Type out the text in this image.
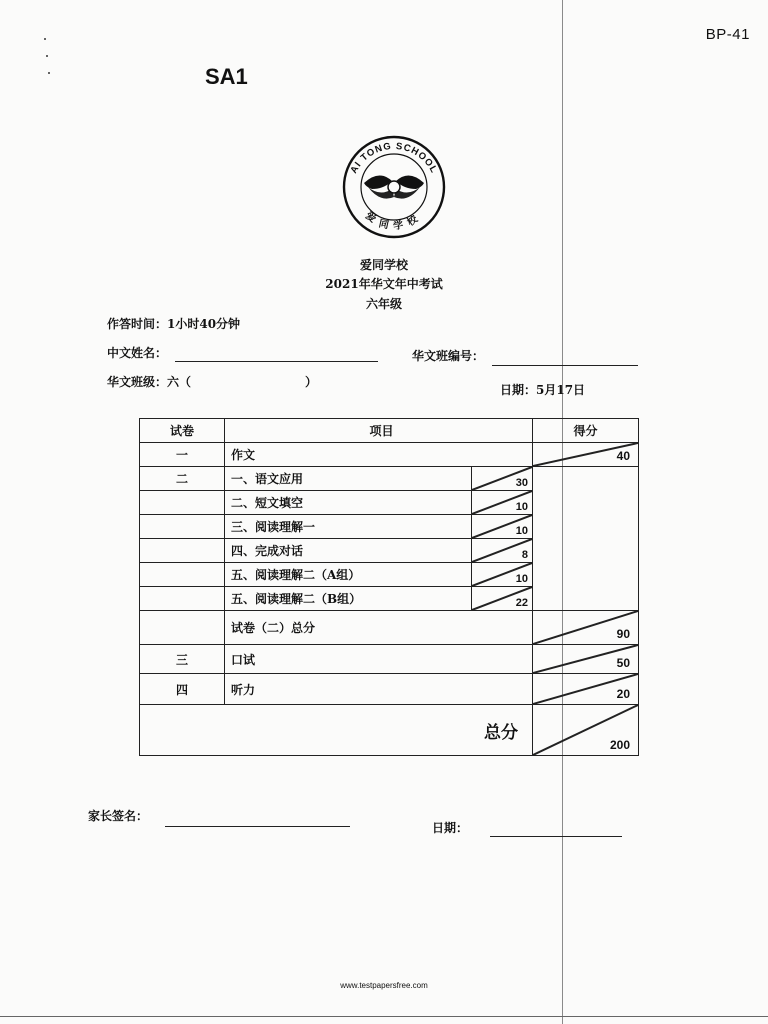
BP-41
SA1
AI TONG SCHOOL
爱同学校
爱同学校
2021年华文年中考试
六年级
作答时间：1小时40分钟
中文姓名：	华文班编号：
华文班级：六（	）
日期：5月17日
试卷	项目		得分
一	作文		40

二	一、语文应用	30	

	二、短文填空	10	

	三、阅读理解一	10	

	四、完成对话	8	

	五、阅读理解二（A组）	10	

	五、阅读理解二（B组）	22	

	试卷（二）总分		90

三	口试		50

四	听力		20

总分			200
家长签名：
日期：
www.testpapersfree.com
